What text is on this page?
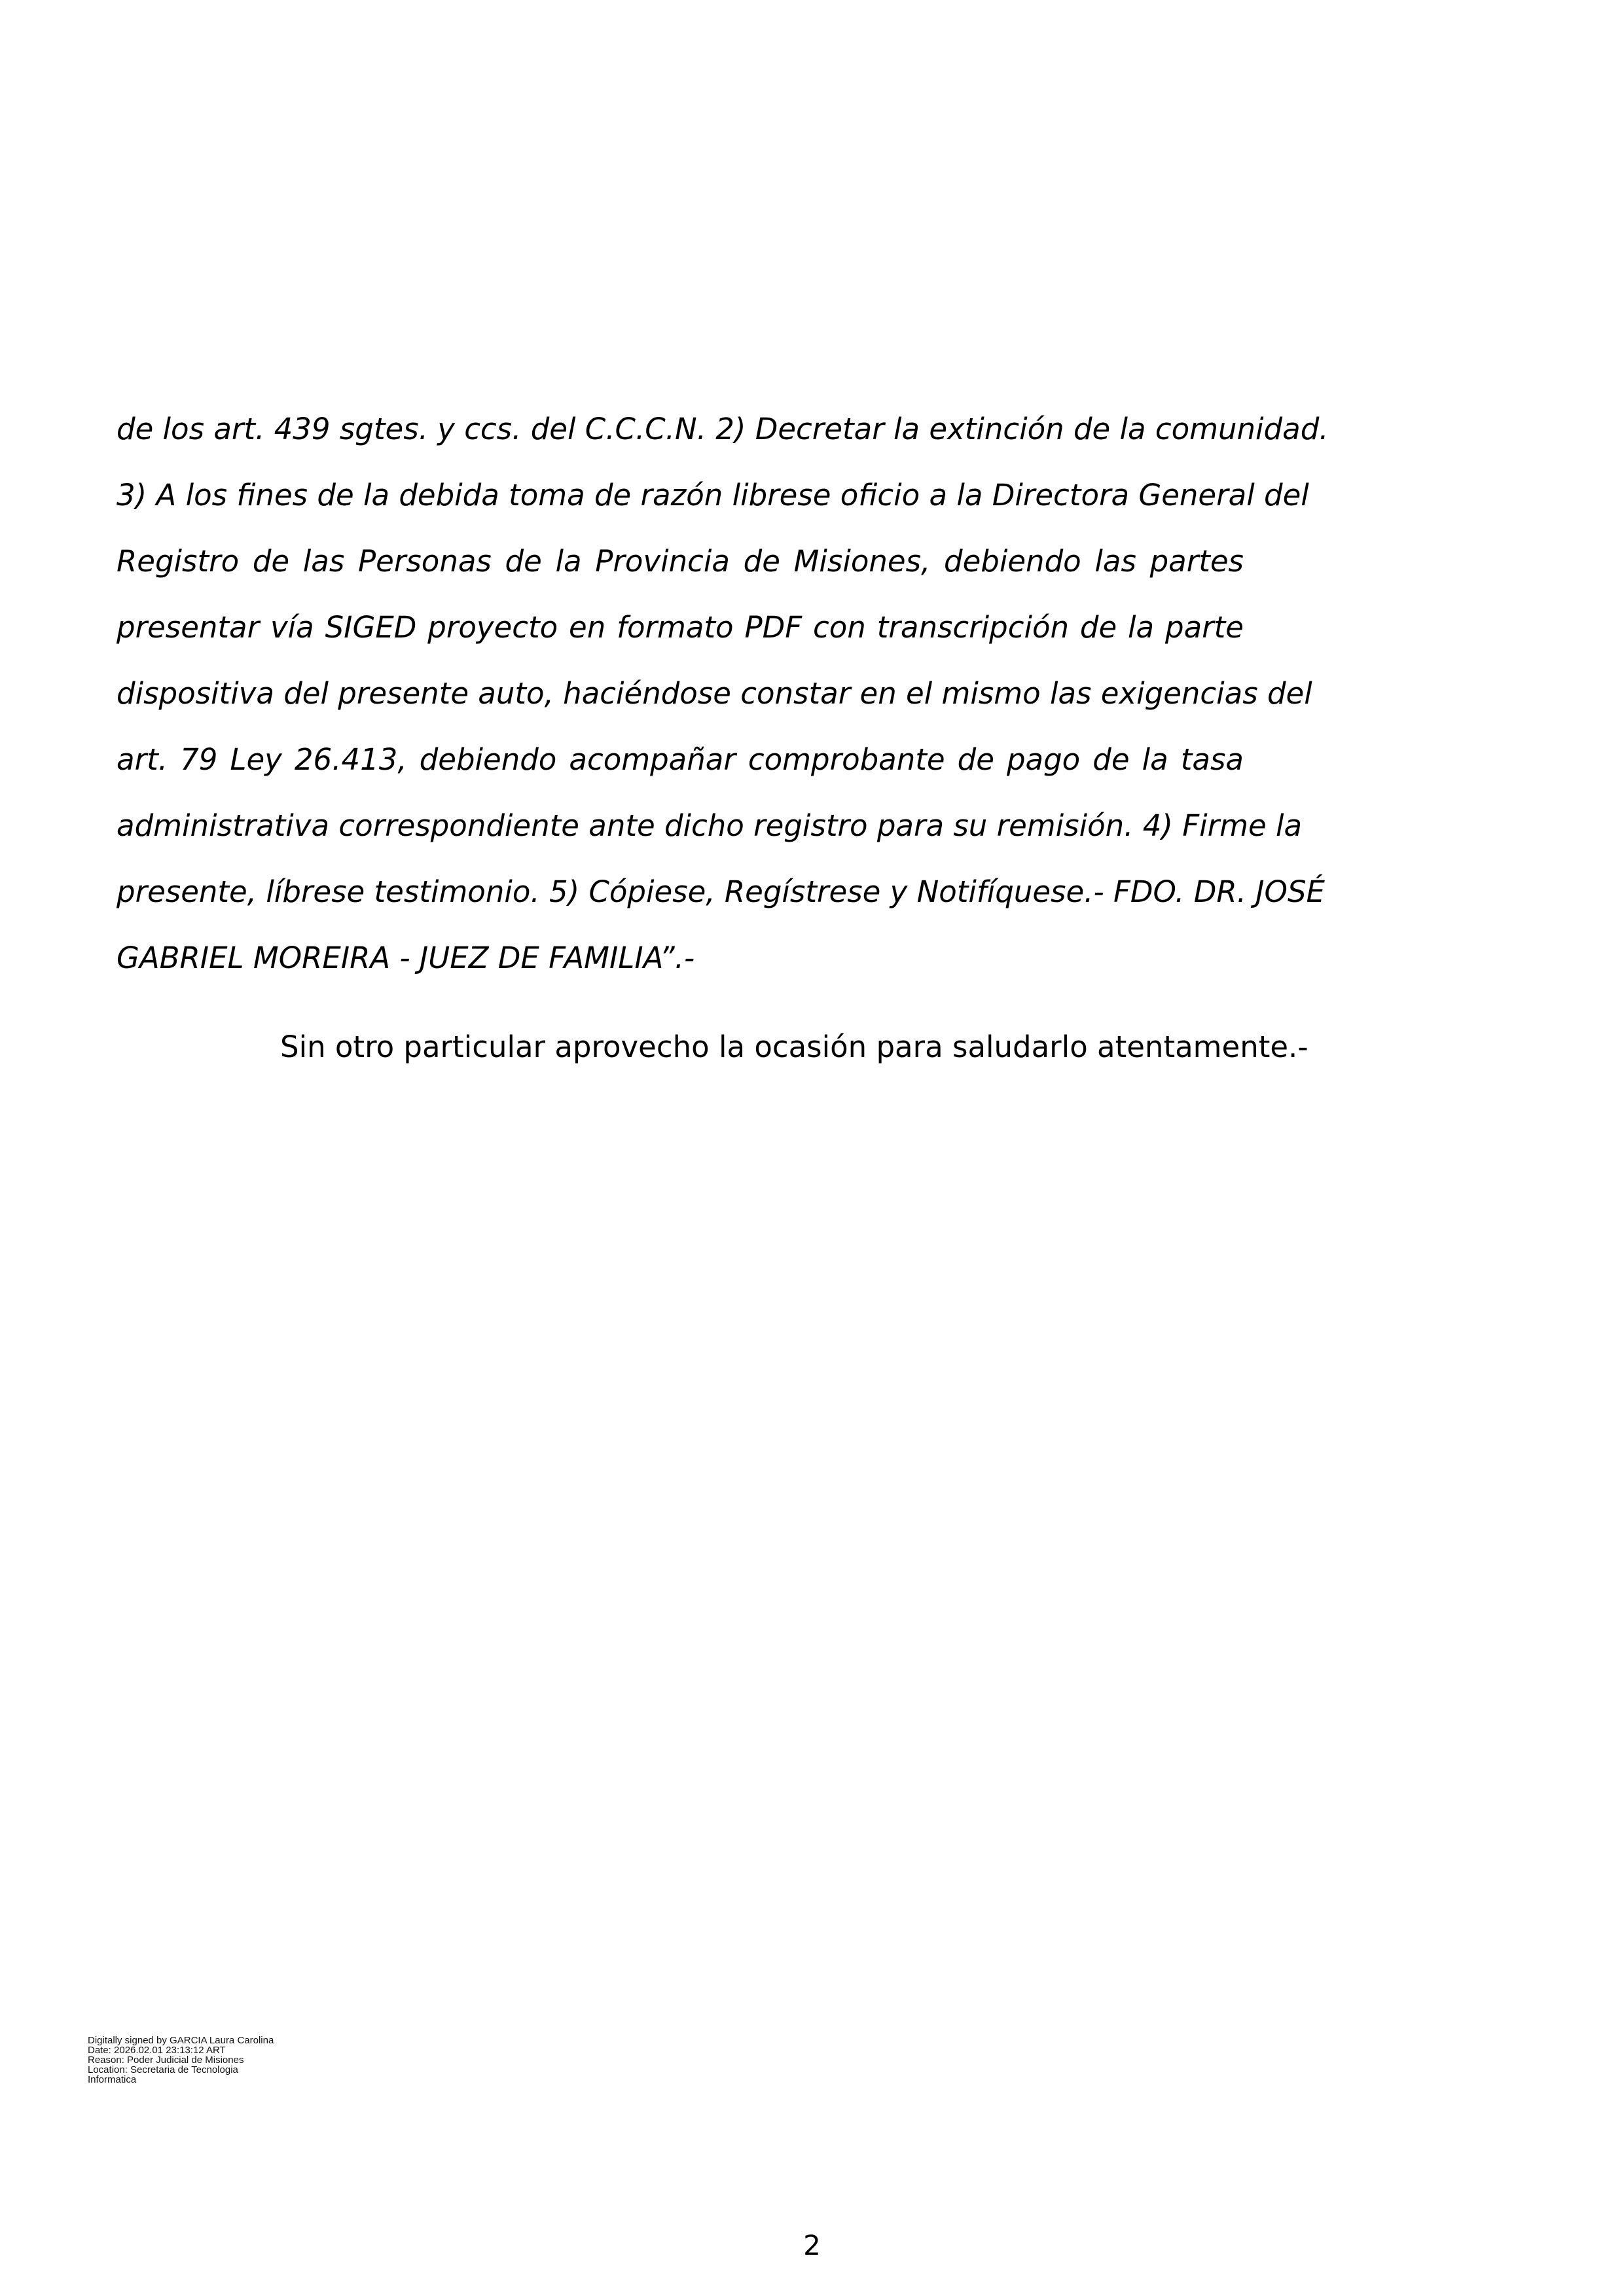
de los art. 439 sgtes. y ccs. del C.C.C.N. 2) Decretar la extinción de la comunidad.
3) A los fines de la debida toma de razón librese oficio a la Directora General del
Registro de las Personas de la Provincia de Misiones, debiendo las partes
presentar vía SIGED proyecto en formato PDF con transcripción de la parte
dispositiva del presente auto, haciéndose constar en el mismo las exigencias del
art. 79 Ley 26.413, debiendo acompañar comprobante de pago de la tasa
administrativa correspondiente ante dicho registro para su remisión. 4) Firme la
presente, líbrese testimonio. 5) Cópiese, Regístrese y Notifíquese.- FDO. DR. JOSÉ
GABRIEL MOREIRA - JUEZ DE FAMILIA”.-

Sin otro particular aprovecho la ocasión para saludarlo atentamente.-

Digitally signed by GARCIA Laura Carolina
Date: 2026.02.01 23:13:12 ART
Reason: Poder Judicial de Misiones
Location: Secretaria de Tecnologia
Informatica
2
